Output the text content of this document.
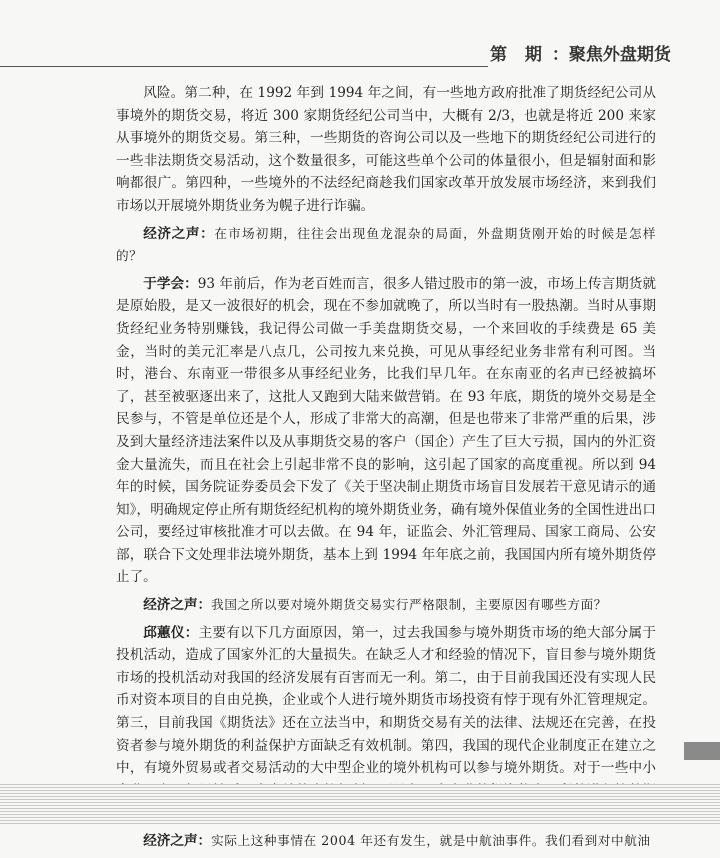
第 期 ：聚焦外盘期货

风险。第二种，在 1992 年到 1994 年之间，有一些地方政府批准了期货经纪公司从事境外的期货交易，将近 300 家期货经纪公司当中，大概有 2/3，也就是将近 200 来家从事境外的期货交易。第三种，一些期货的咨询公司以及一些地下的期货经纪公司进行的一些非法期货交易活动，这个数量很多，可能这些单个公司的体量很小，但是辐射面和影响都很广。第四种，一些境外的不法经纪商趁我们国家改革开放发展市场经济，来到我们市场以开展境外期货业务为幌子进行诈骗。

经济之声：在市场初期，往往会出现鱼龙混杂的局面，外盘期货刚开始的时候是怎样的？

于学会：93 年前后，作为老百姓而言，很多人错过股市的第一波，市场上传言期货就是原始股，是又一波很好的机会，现在不参加就晚了，所以当时有一股热潮。当时从事期货经纪业务特别赚钱，我记得公司做一手美盘期货交易，一个来回收的手续费是 65 美金，当时的美元汇率是八点几，公司按九来兑换，可见从事经纪业务非常有利可图。当时，港台、东南亚一带很多从事经纪业务，比我们早几年。在东南亚的名声已经被搞坏了，甚至被驱逐出来了，这批人又跑到大陆来做营销。在 93 年底，期货的境外交易是全民参与，不管是单位还是个人，形成了非常大的高潮，但是也带来了非常严重的后果，涉及到大量经济违法案件以及从事期货交易的客户（国企）产生了巨大亏损，国内的外汇资金大量流失，而且在社会上引起非常不良的影响，这引起了国家的高度重视。所以到 94 年的时候，国务院证券委员会下发了《关于坚决制止期货市场盲目发展若干意见请示的通知》，明确规定停止所有期货经纪机构的境外期货业务，确有境外保值业务的全国性进出口公司，要经过审核批准才可以去做。在 94 年，证监会、外汇管理局、国家工商局、公安部，联合下文处理非法境外期货，基本上到 1994 年年底之前，我国国内所有境外期货停止了。

经济之声：我国之所以要对境外期货交易实行严格限制，主要原因有哪些方面？

邱蕙仪：主要有以下几方面原因，第一，过去我国参与境外期货市场的绝大部分属于投机活动，造成了国家外汇的大量损失。在缺乏人才和经验的情况下，盲目参与境外期货市场的投机活动对我国的经济发展有百害而无一利。第二，由于目前我国还没有实现人民币对资本项目的自由兑换，企业或个人进行境外期货市场投资有悖于现有外汇管理规定。第三，目前我国《期货法》还在立法当中，和期货交易有关的法律、法规还在完善，在投资者参与境外期货的利益保护方面缺乏有效机制。第四，我国的现代企业制度正在建立之中，有境外贸易或者交易活动的大中型企业的境外机构可以参与境外期货。对于一些中小

经济之声：实际上这种事情在 2004 年还有发生，就是中航油事件。我们看到对中航油
